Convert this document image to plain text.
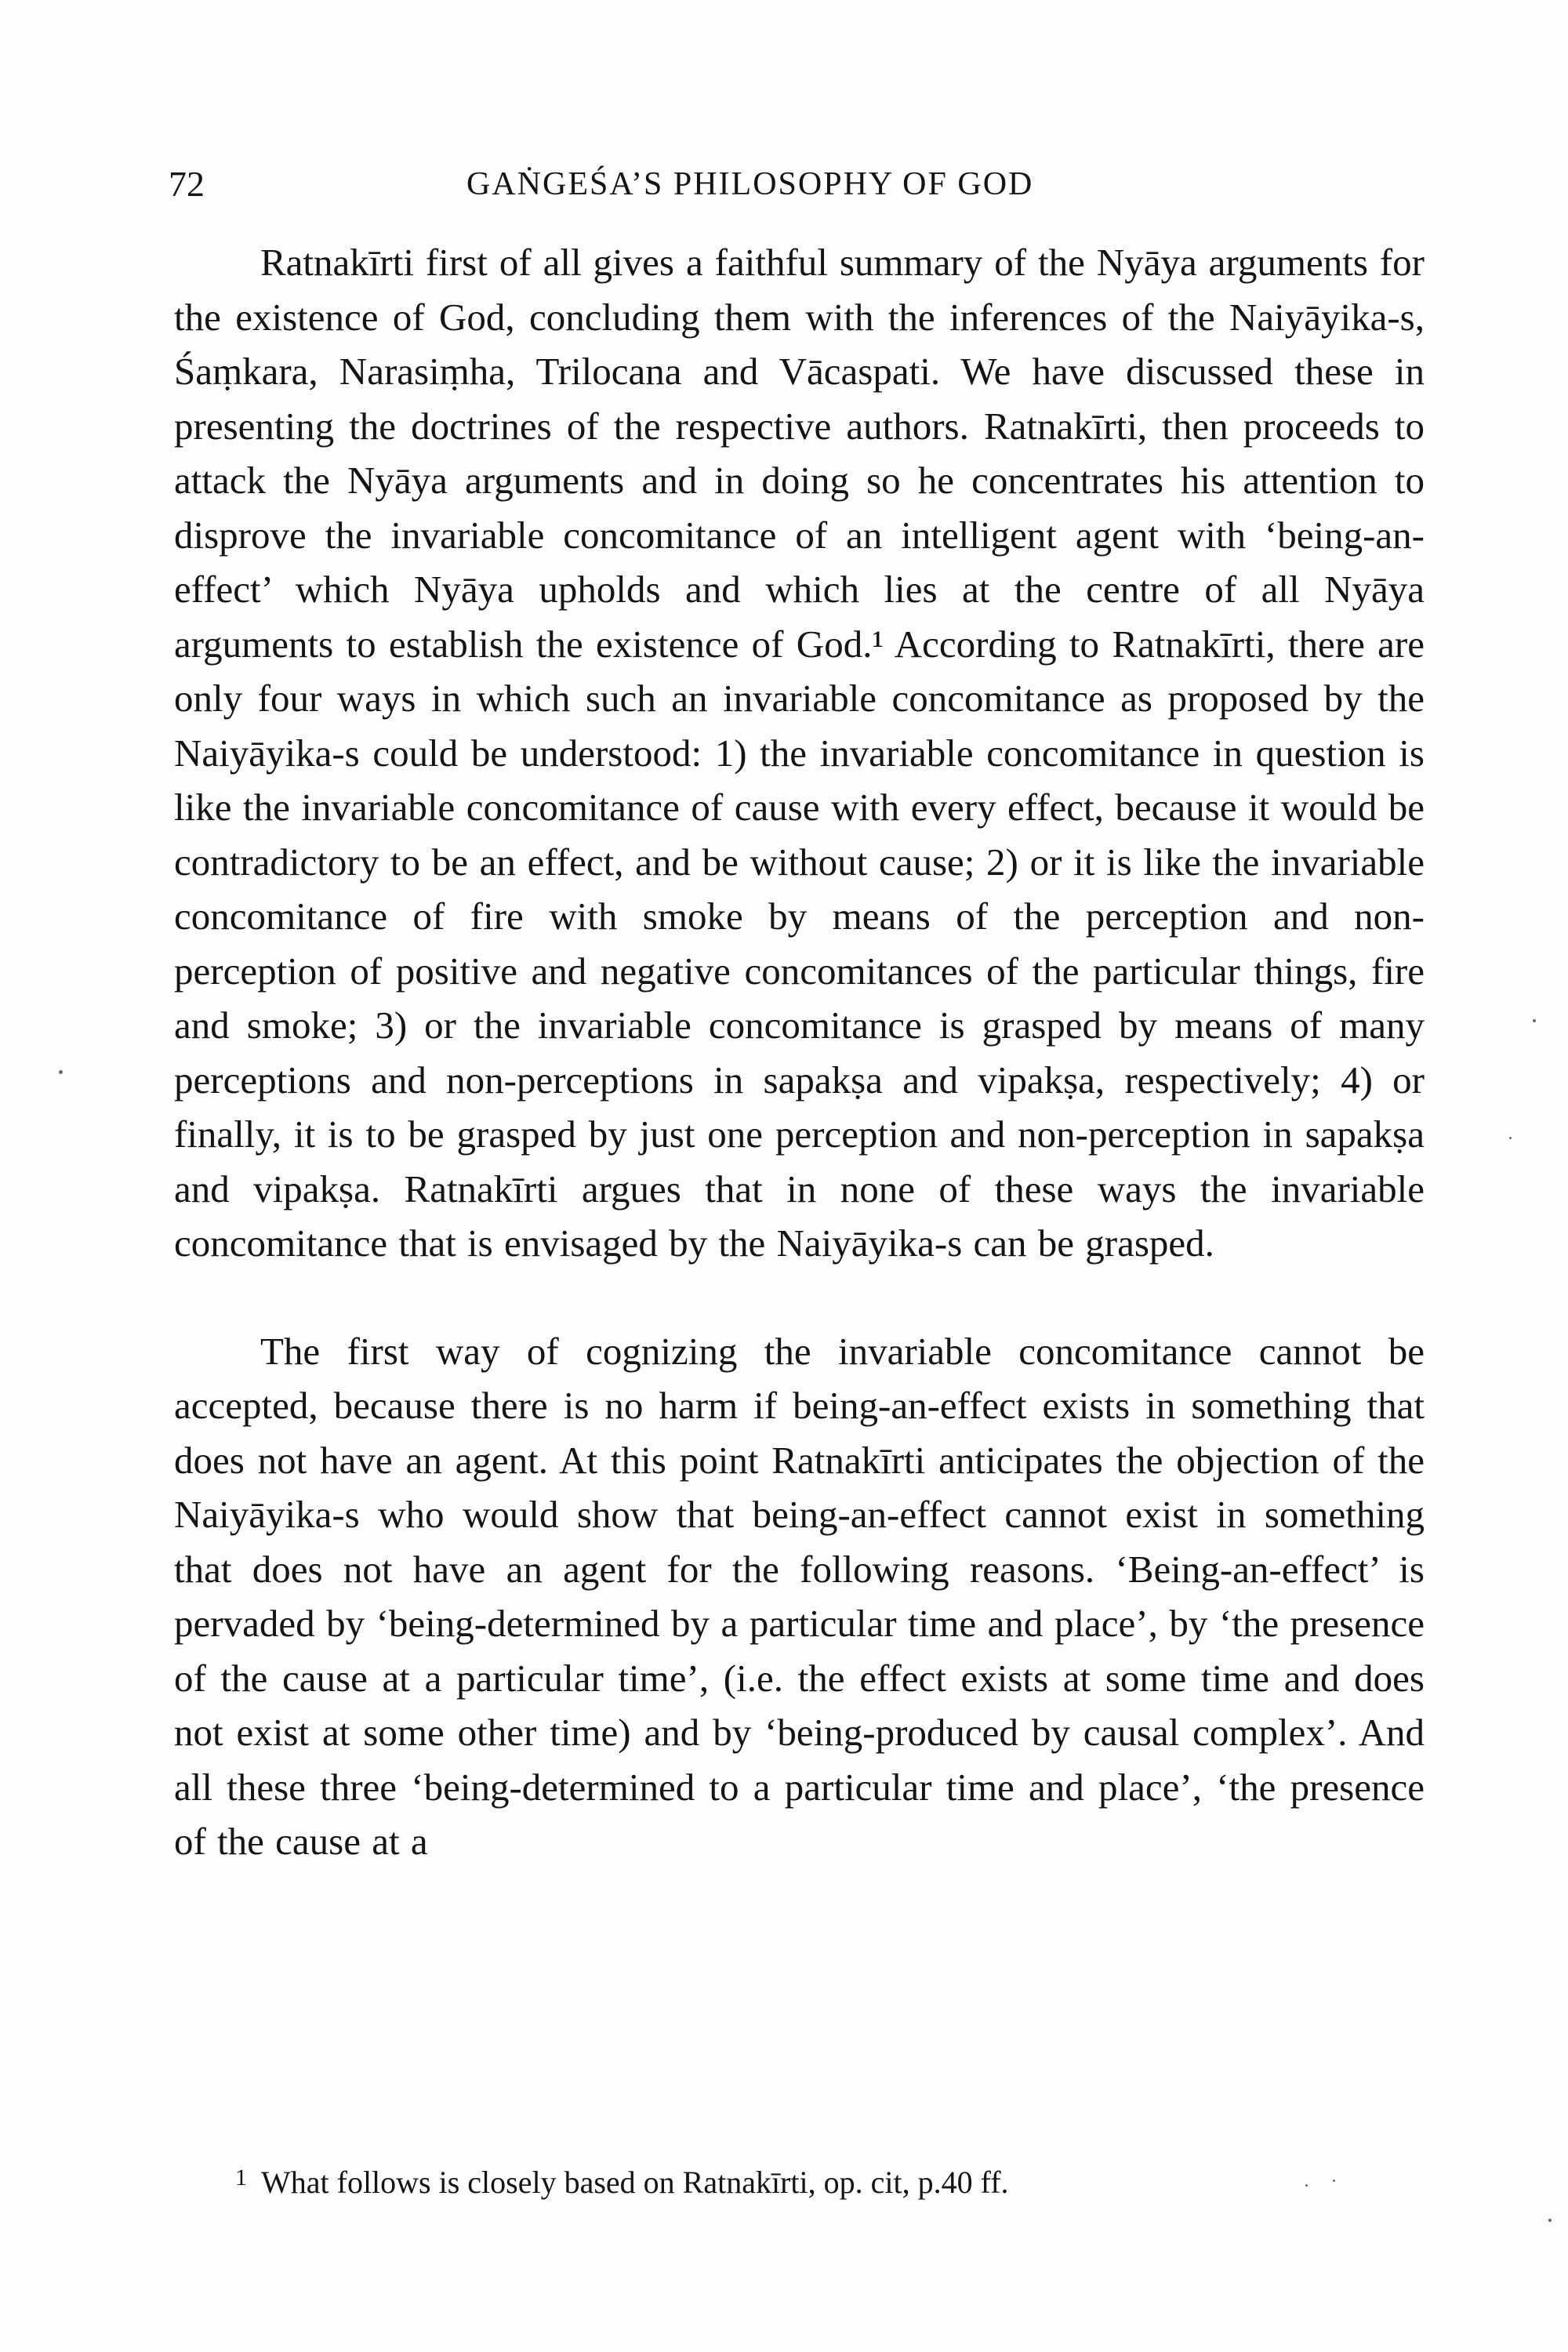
72	GAṄGEŚA’S PHILOSOPHY OF GOD

Ratnakīrti first of all gives a faithful summary of the Nyāya arguments for the existence of God, concluding them with the inferences of the Naiyāyika-s, Śaṃkara, Narasiṃha, Trilocana and Vācaspati. We have discussed these in presenting the doctrines of the respective authors. Ratnakīrti, then proceeds to attack the Nyāya arguments and in doing so he concentrates his attention to disprove the invariable concomitance of an intelligent agent with ‘being-an-effect’ which Nyāya upholds and which lies at the centre of all Nyāya arguments to establish the existence of God.¹ According to Ratnakīrti, there are only four ways in which such an invariable concomitance as proposed by the Naiyāyika-s could be understood: 1) the invariable concomitance in question is like the invariable concomitance of cause with every effect, because it would be contradictory to be an effect, and be without cause; 2) or it is like the invariable concomitance of fire with smoke by means of the perception and non-perception of positive and negative concomitances of the particular things, fire and smoke; 3) or the invariable concomitance is grasped by means of many perceptions and non-perceptions in sapakṣa and vipakṣa, respectively; 4) or finally, it is to be grasped by just one perception and non-perception in sapakṣa and vipakṣa. Ratnakīrti argues that in none of these ways the invariable concomitance that is envisaged by the Naiyāyika-s can be grasped.

The first way of cognizing the invariable concomitance cannot be accepted, because there is no harm if being-an-effect exists in something that does not have an agent. At this point Ratnakīrti anticipates the objection of the Naiyāyika-s who would show that being-an-effect cannot exist in something that does not have an agent for the following reasons. ‘Being-an-effect’ is pervaded by ‘being-determined by a particular time and place’, by ‘the presence of the cause at a particular time’, (i.e. the effect exists at some time and does not exist at some other time) and by ‘being-produced by causal complex’. And all these three ‘being-determined to a particular time and place’, ‘the presence of the cause at a

$^1$ What follows is closely based on Ratnakīrti, op. cit, p.40 ff.
